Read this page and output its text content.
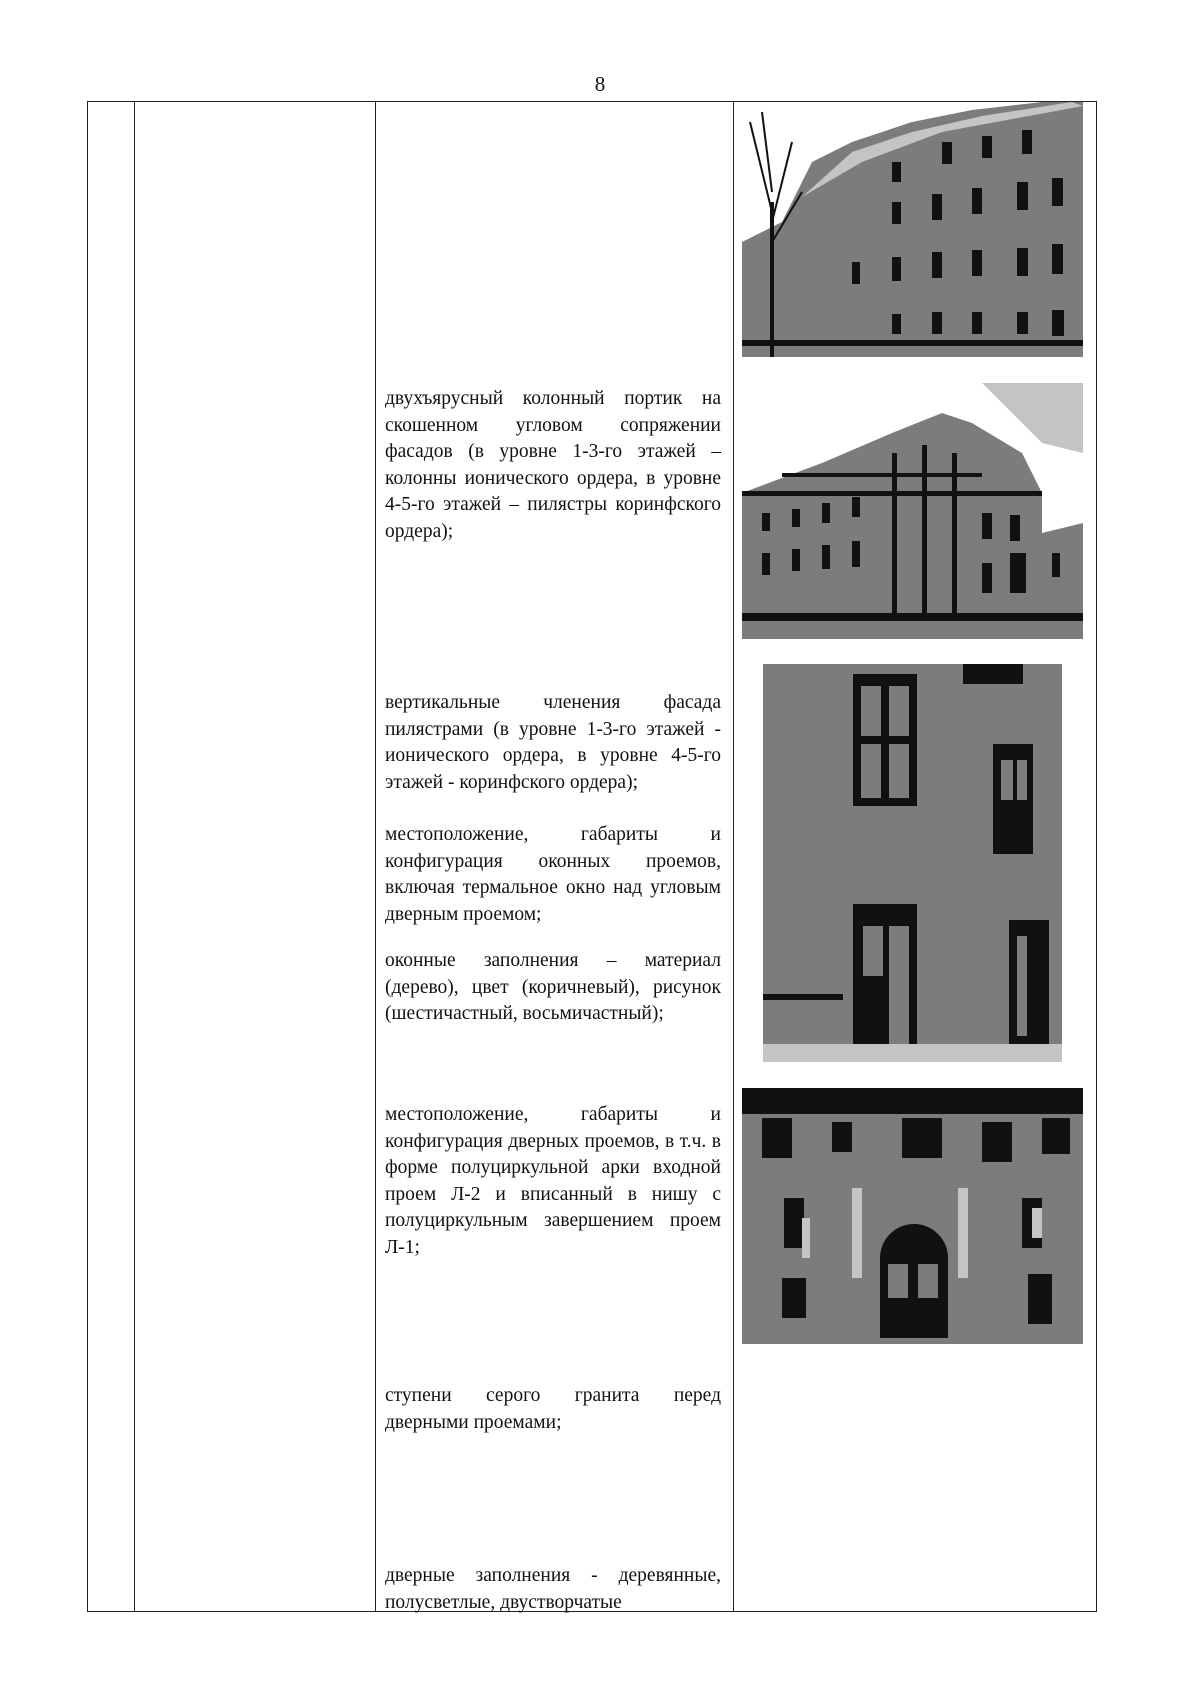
8
двухъярусный колонный портик на скошенном угловом сопряжении фасадов (в уровне 1-3-го этажей – колонны ионического ордера, в уровне 4-5-го этажей – пилястры коринфского ордера);
вертикальные членения фасада пилястрами (в уровне 1-3-го этажей - ионического ордера, в уровне 4-5-го этажей - коринфского ордера);
местоположение, габариты и конфигурация оконных проемов, включая термальное окно над угловым дверным проемом;
оконные заполнения – материал (дерево), цвет (коричневый), рисунок (шестичастный, восьмичастный);
местоположение, габариты и конфигурация дверных проемов, в т.ч. в форме полуциркульной арки входной проем Л-2 и вписанный в нишу с полуциркульным завершением проем Л-1;
ступени серого гранита перед дверными проемами;
дверные заполнения - деревянные, полусветлые, двустворчатые
